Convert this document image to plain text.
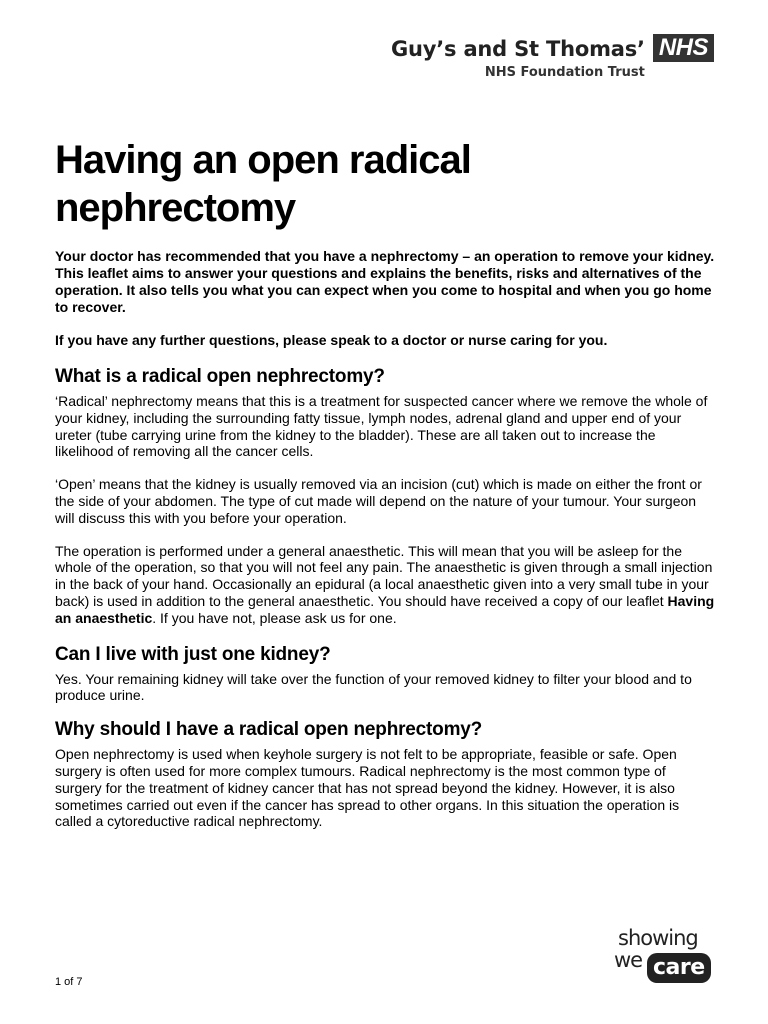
Guy’s and St Thomas’
NHS Foundation Trust
NHS
Having an open radical nephrectomy
Your doctor has recommended that you have a nephrectomy – an operation to remove your kidney. This leaflet aims to answer your questions and explains the benefits, risks and alternatives of the operation. It also tells you what you can expect when you come to hospital and when you go home to recover.
If you have any further questions, please speak to a doctor or nurse caring for you.
What is a radical open nephrectomy?

‘Radical’ nephrectomy means that this is a treatment for suspected cancer where we remove the whole of your kidney, including the surrounding fatty tissue, lymph nodes, adrenal gland and upper end of your ureter (tube carrying urine from the kidney to the bladder). These are all taken out to increase the likelihood of removing all the cancer cells.

‘Open’ means that the kidney is usually removed via an incision (cut) which is made on either the front or the side of your abdomen. The type of cut made will depend on the nature of your tumour. Your surgeon will discuss this with you before your operation.

The operation is performed under a general anaesthetic. This will mean that you will be asleep for the whole of the operation, so that you will not feel any pain. The anaesthetic is given through a small injection in the back of your hand. Occasionally an epidural (a local anaesthetic given into a very small tube in your back) is used in addition to the general anaesthetic. You should have received a copy of our leaflet Having an anaesthetic. If you have not, please ask us for one.

Can I live with just one kidney?

Yes. Your remaining kidney will take over the function of your removed kidney to filter your blood and to produce urine.

Why should I have a radical open nephrectomy?

Open nephrectomy is used when keyhole surgery is not felt to be appropriate, feasible or safe. Open surgery is often used for more complex tumours. Radical nephrectomy is the most common type of surgery for the treatment of kidney cancer that has not spread beyond the kidney. However, it is also sometimes carried out even if the cancer has spread to other organs. In this situation the operation is called a cytoreductive radical nephrectomy.

1 of 7
showing
we care
